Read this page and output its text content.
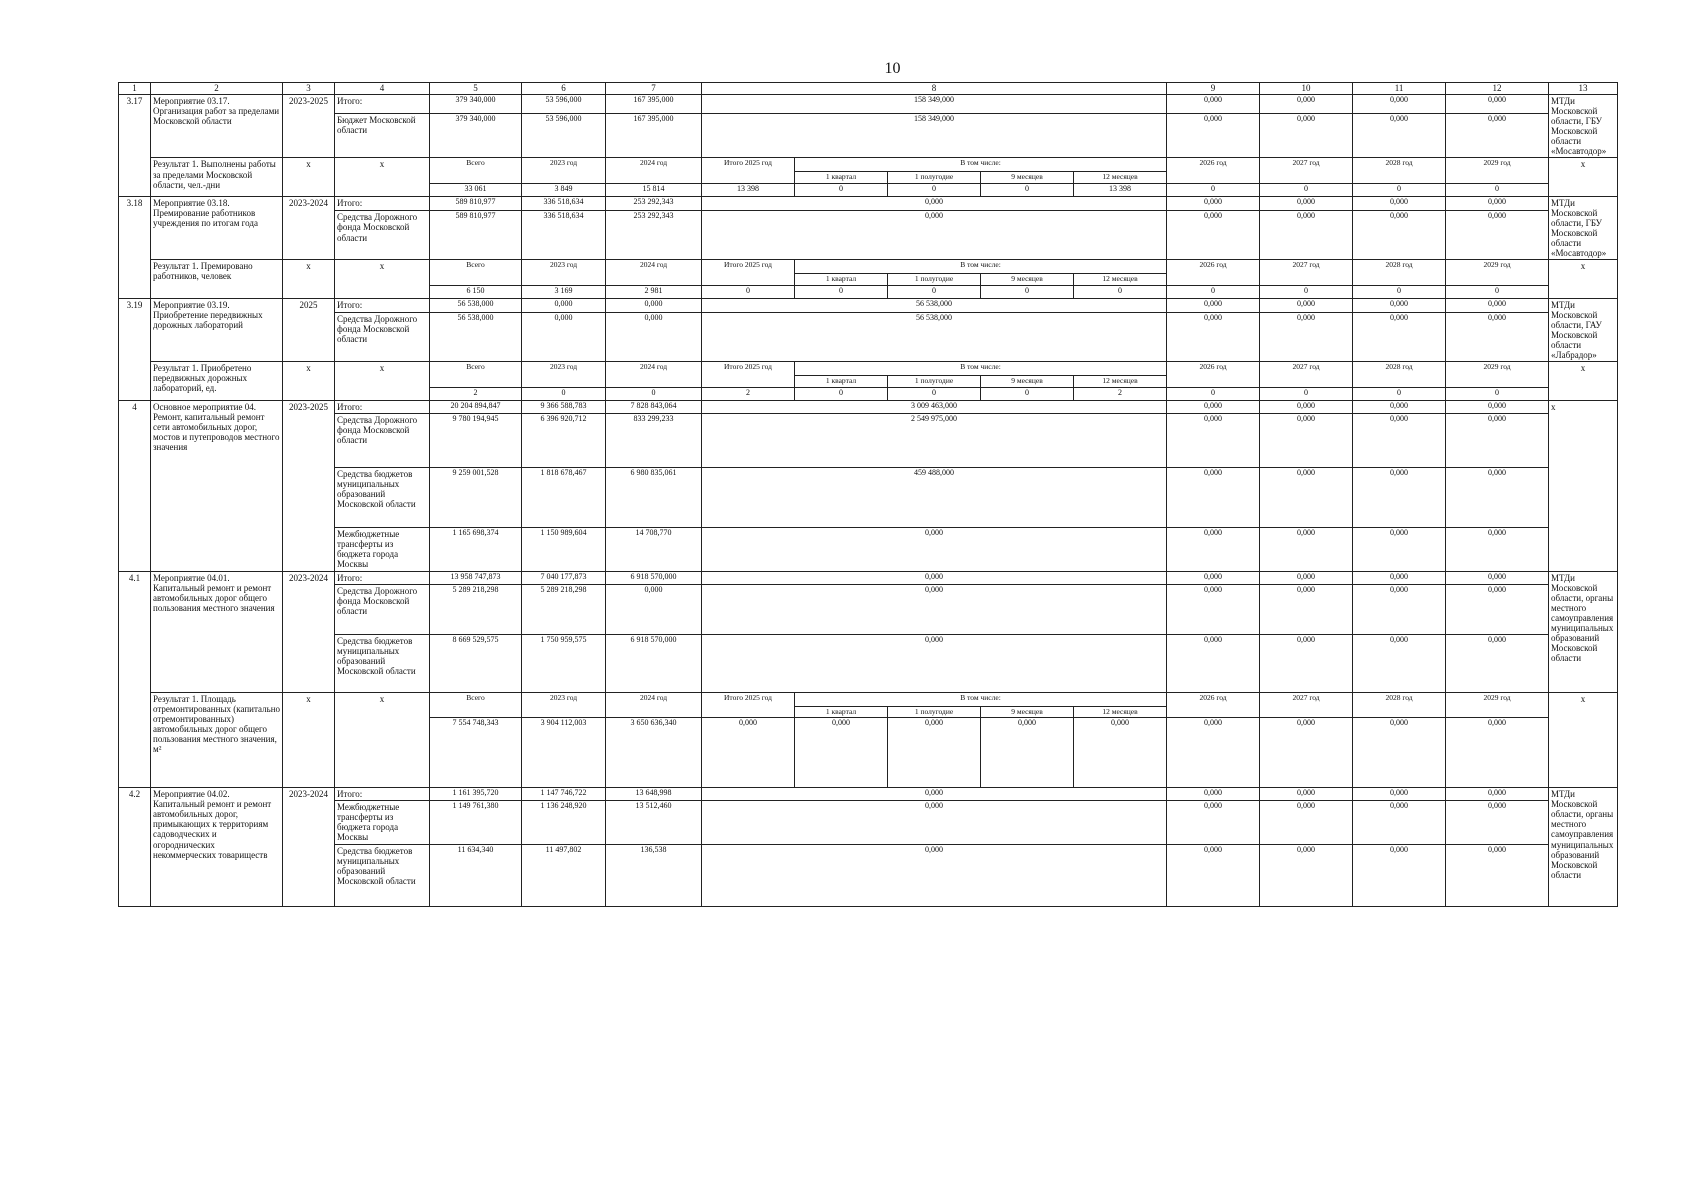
10
1	2	3	4	5	6	7	8					9	10	11	12	13
3.17	Мероприятие 03.17. Организация работ за пределами Московской области	2023-2025	Итого:	379 340,000	53 596,000	167 395,000	158 349,000					0,000	0,000	0,000	0,000	МТДи Московской области, ГБУ Московской области «Мосавтодор»
			Бюджет Московской области	379 340,000	53 596,000	167 395,000	158 349,000					0,000	0,000	0,000	0,000	
	Результат 1. Выполнены работы за пределами Московской области, чел.-дни	x	x	Всего	2023 год	2024 год	Итого 2025 год	В том числе:				2026 год	2027 год	2028 год	2029 год	x
								1 квартал	1 полугодие	9 месяцев	12 месяцев					
				33 061	3 849	15 814	13 398	0	0	0	13 398	0	0	0	0	
3.18	Мероприятие 03.18. Премирование работников учреждения по итогам года	2023-2024	Итого:	589 810,977	336 518,634	253 292,343	0,000					0,000	0,000	0,000	0,000	МТДи Московской области, ГБУ Московской области «Мосавтодор»
			Средства Дорожного фонда Московской области	589 810,977	336 518,634	253 292,343	0,000					0,000	0,000	0,000	0,000	
	Результат 1. Премировано работников, человек	x	x	Всего	2023 год	2024 год	Итого 2025 год	В том числе:				2026 год	2027 год	2028 год	2029 год	x
								1 квартал	1 полугодие	9 месяцев	12 месяцев					
				6 150	3 169	2 981	0	0	0	0	0	0	0	0	0	
3.19	Мероприятие 03.19. Приобретение передвижных дорожных лабораторий	2025	Итого:	56 538,000	0,000	0,000	56 538,000					0,000	0,000	0,000	0,000	МТДи Московской области, ГАУ Московской области «Лабрадор»
			Средства Дорожного фонда Московской области	56 538,000	0,000	0,000	56 538,000					0,000	0,000	0,000	0,000	
	Результат 1. Приобретено передвижных дорожных лабораторий, ед.	x	x	Всего	2023 год	2024 год	Итого 2025 год	В том числе:				2026 год	2027 год	2028 год	2029 год	x
								1 квартал	1 полугодие	9 месяцев	12 месяцев					
				2	0	0	2	0	0	0	2	0	0	0	0	
4	Основное мероприятие 04. Ремонт, капитальный ремонт сети автомобильных дорог, мостов и путепроводов местного значения	2023-2025	Итого:	20 204 894,847	9 366 588,783	7 828 843,064	3 009 463,000					0,000	0,000	0,000	0,000	x
			Средства Дорожного фонда Московской области	9 780 194,945	6 396 920,712	833 299,233	2 549 975,000					0,000	0,000	0,000	0,000	
			Средства бюджетов муниципальных образований Московской области	9 259 001,528	1 818 678,467	6 980 835,061	459 488,000					0,000	0,000	0,000	0,000	
			Межбюджетные трансферты из бюджета города Москвы	1 165 698,374	1 150 989,604	14 708,770	0,000					0,000	0,000	0,000	0,000	
4.1	Мероприятие 04.01. Капитальный ремонт и ремонт автомобильных дорог общего пользования местного значения	2023-2024	Итого:	13 958 747,873	7 040 177,873	6 918 570,000	0,000					0,000	0,000	0,000	0,000	МТДи Московской области, органы местного самоуправления муниципальных образований Московской области
			Средства Дорожного фонда Московской области	5 289 218,298	5 289 218,298	0,000	0,000					0,000	0,000	0,000	0,000	
			Средства бюджетов муниципальных образований Московской области	8 669 529,575	1 750 959,575	6 918 570,000	0,000					0,000	0,000	0,000	0,000	
	Результат 1. Площадь отремонтированных (капитально отремонтированных) автомобильных дорог общего пользования местного значения, м²	x	x	Всего	2023 год	2024 год	Итого 2025 год	В том числе:				2026 год	2027 год	2028 год	2029 год	x
								1 квартал	1 полугодие	9 месяцев	12 месяцев					
				7 554 748,343	3 904 112,003	3 650 636,340	0,000	0,000	0,000	0,000	0,000	0,000	0,000	0,000	0,000	
4.2	Мероприятие 04.02. Капитальный ремонт и ремонт автомобильных дорог, примыкающих к территориям садоводческих и огороднических некоммерческих товариществ	2023-2024	Итого:	1 161 395,720	1 147 746,722	13 648,998	0,000					0,000	0,000	0,000	0,000	МТДи Московской области, органы местного самоуправления муниципальных образований Московской области
			Межбюджетные трансферты из бюджета города Москвы	1 149 761,380	1 136 248,920	13 512,460	0,000					0,000	0,000	0,000	0,000	
			Средства бюджетов муниципальных образований Московской области	11 634,340	11 497,802	136,538	0,000					0,000	0,000	0,000	0,000	
